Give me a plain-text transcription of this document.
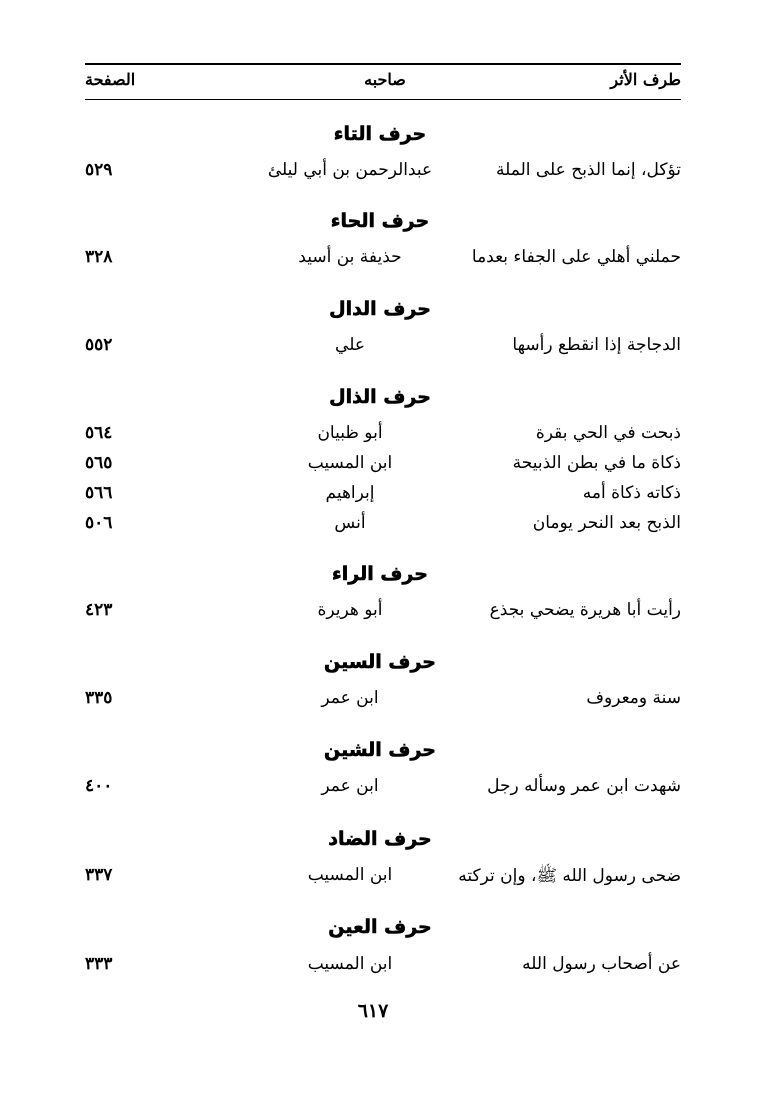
طرف الأثر
صاحبه
الصفحة
حرف التاء
تؤكل، إنما الذبح على الملة
عبدالرحمن بن أبي ليلئ
٥٢٩
حرف الحاء
حملني أهلي على الجفاء بعدما
حذيفة بن أسيد
٣٢٨
حرف الدال
الدجاجة إذا انقطع رأسها
علي
٥٥٢
حرف الذال
ذبحت في الحي بقرة
أبو ظبيان
٥٦٤
ذكاة ما في بطن الذبيحة
ابن المسيب
٥٦٥
ذكاته ذكاة أمه
إبراهيم
٥٦٦
الذبح بعد النحر يومان
أنس
٥٠٦
حرف الراء
رأيت أبا هريرة يضحي بجذع
أبو هريرة
٤٢٣
حرف السين
سنة ومعروف
ابن عمر
٣٣٥
حرف الشين
شهدت ابن عمر وسأله رجل
ابن عمر
٤٠٠
حرف الضاد
ضحى رسول الله ﷺ، وإن تركته
ابن المسيب
٣٣٧
حرف العين
عن أصحاب رسول الله
ابن المسيب
٣٣٣
٦١٧
